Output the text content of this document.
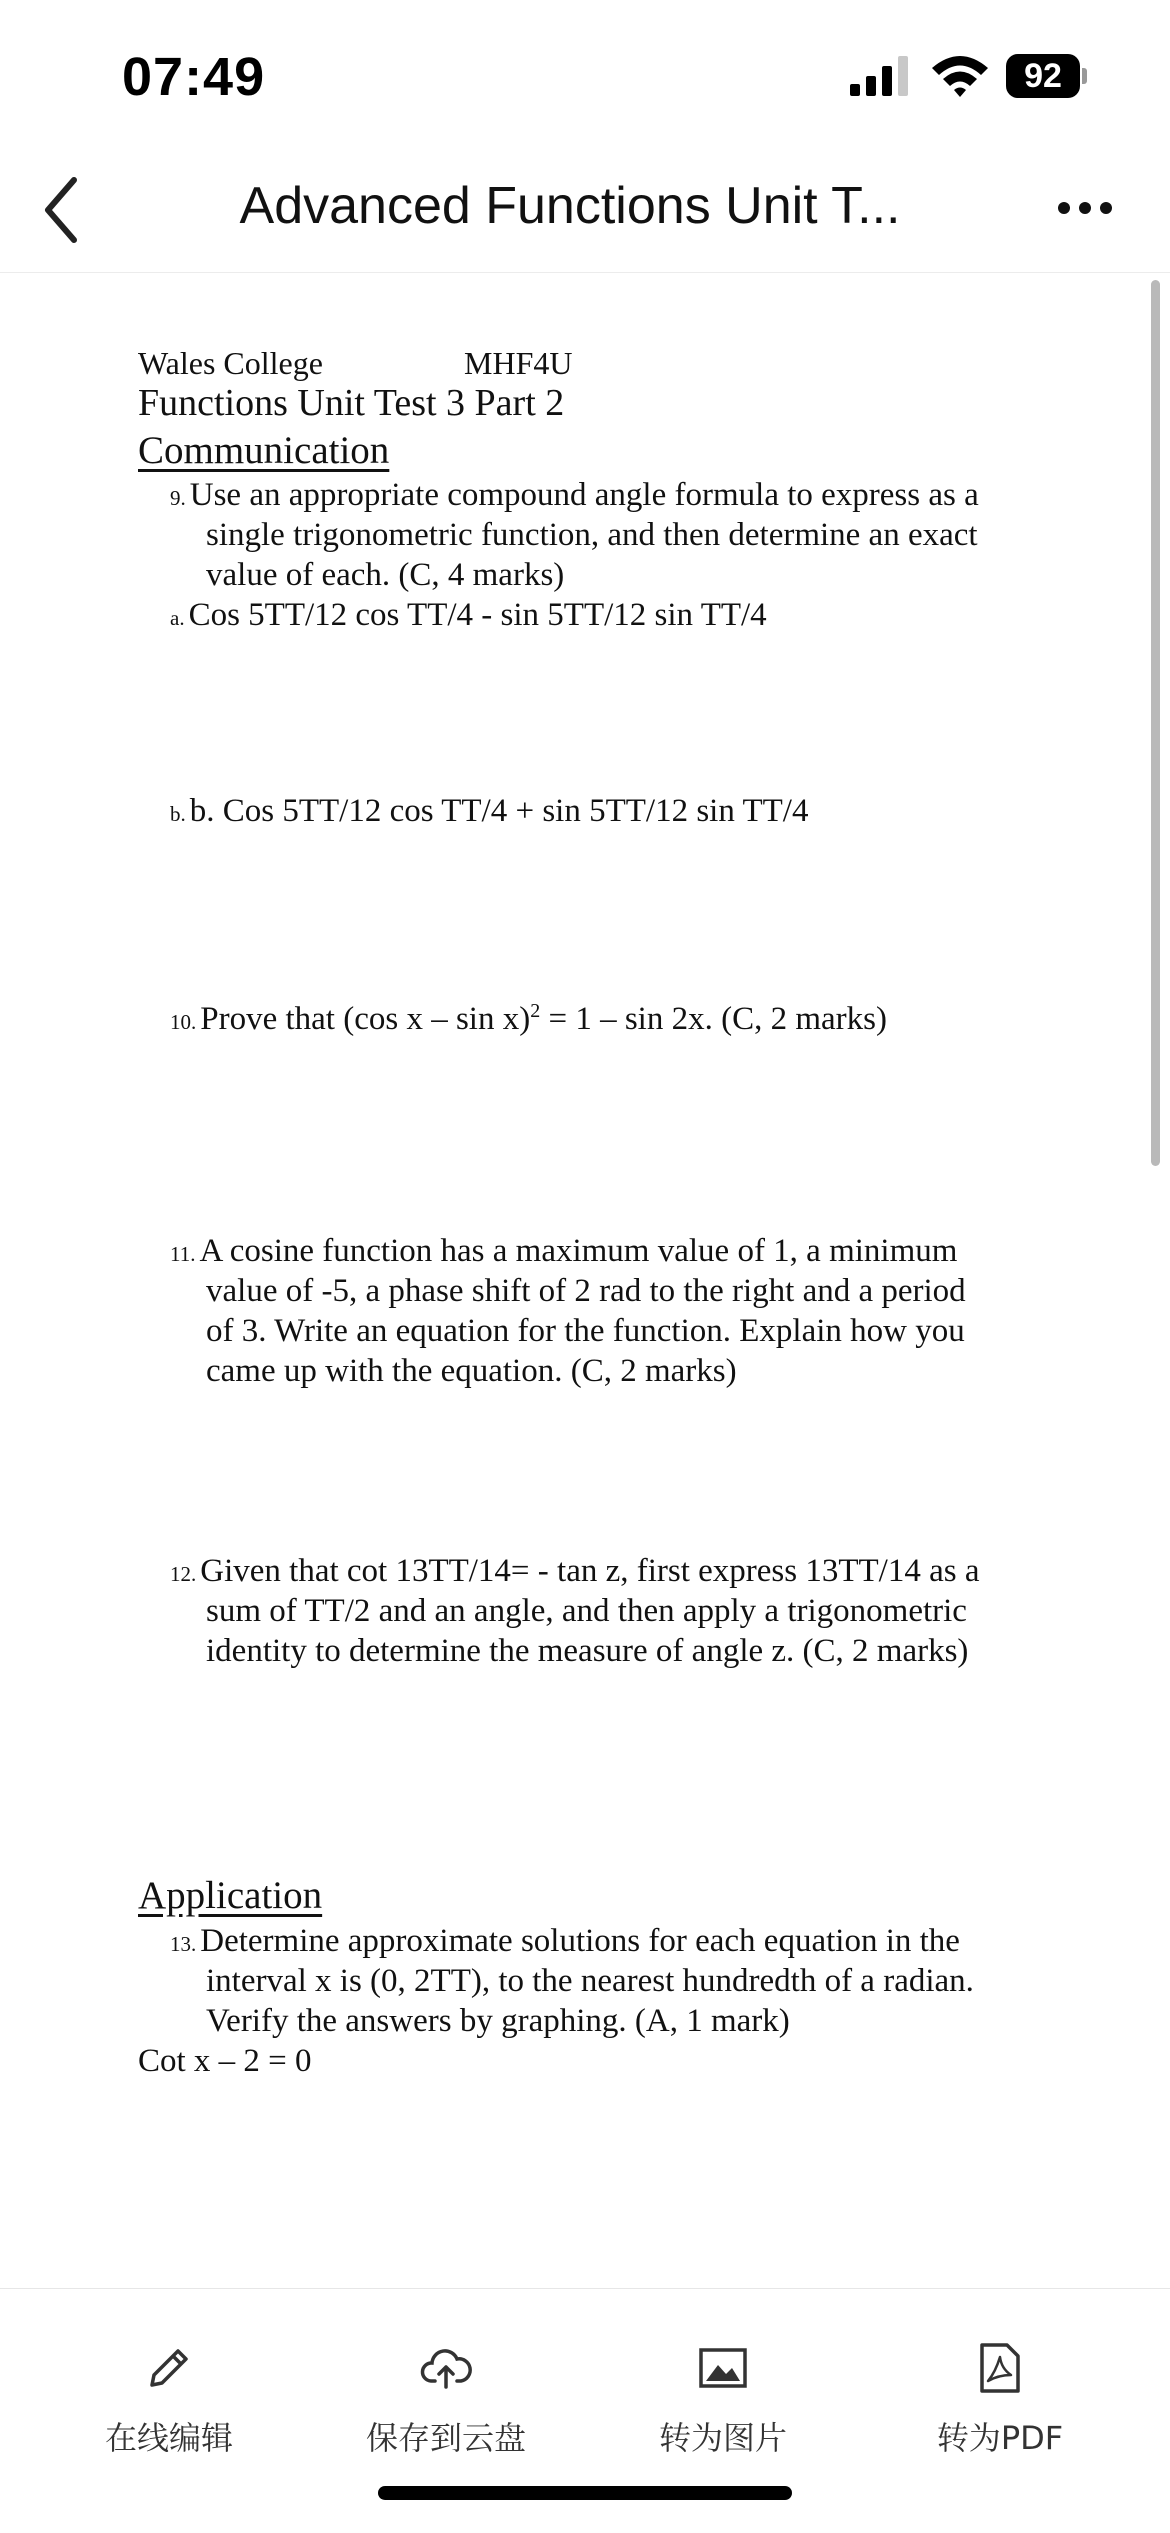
07:49	92
Advanced Functions Unit T...
Wales College	MHF4U
Functions Unit Test 3 Part 2
Communication
9. Use an appropriate compound angle formula to express as a
single trigonometric function, and then determine an exact
value of each. (C, 4 marks)
a. Cos 5TT/12 cos TT/4 - sin 5TT/12 sin TT/4
b. b. Cos 5TT/12 cos TT/4 + sin 5TT/12 sin TT/4
10. Prove that (cos x – sin x)$^2$ = 1 – sin 2x. (C, 2 marks)
11. A cosine function has a maximum value of 1, a minimum
value of -5, a phase shift of 2 rad to the right and a period
of 3. Write an equation for the function. Explain how you
came up with the equation. (C, 2 marks)
12. Given that cot 13TT/14= - tan z, first express 13TT/14 as a
sum of TT/2 and an angle, and then apply a trigonometric
identity to determine the measure of angle z. (C, 2 marks)
Application
13. Determine approximate solutions for each equation in the
interval x is (0, 2TT), to the nearest hundredth of a radian.
Verify the answers by graphing. (A, 1 mark)
Cot x – 2 = 0
在线编辑	保存到云盘	转为图片	转为PDF
